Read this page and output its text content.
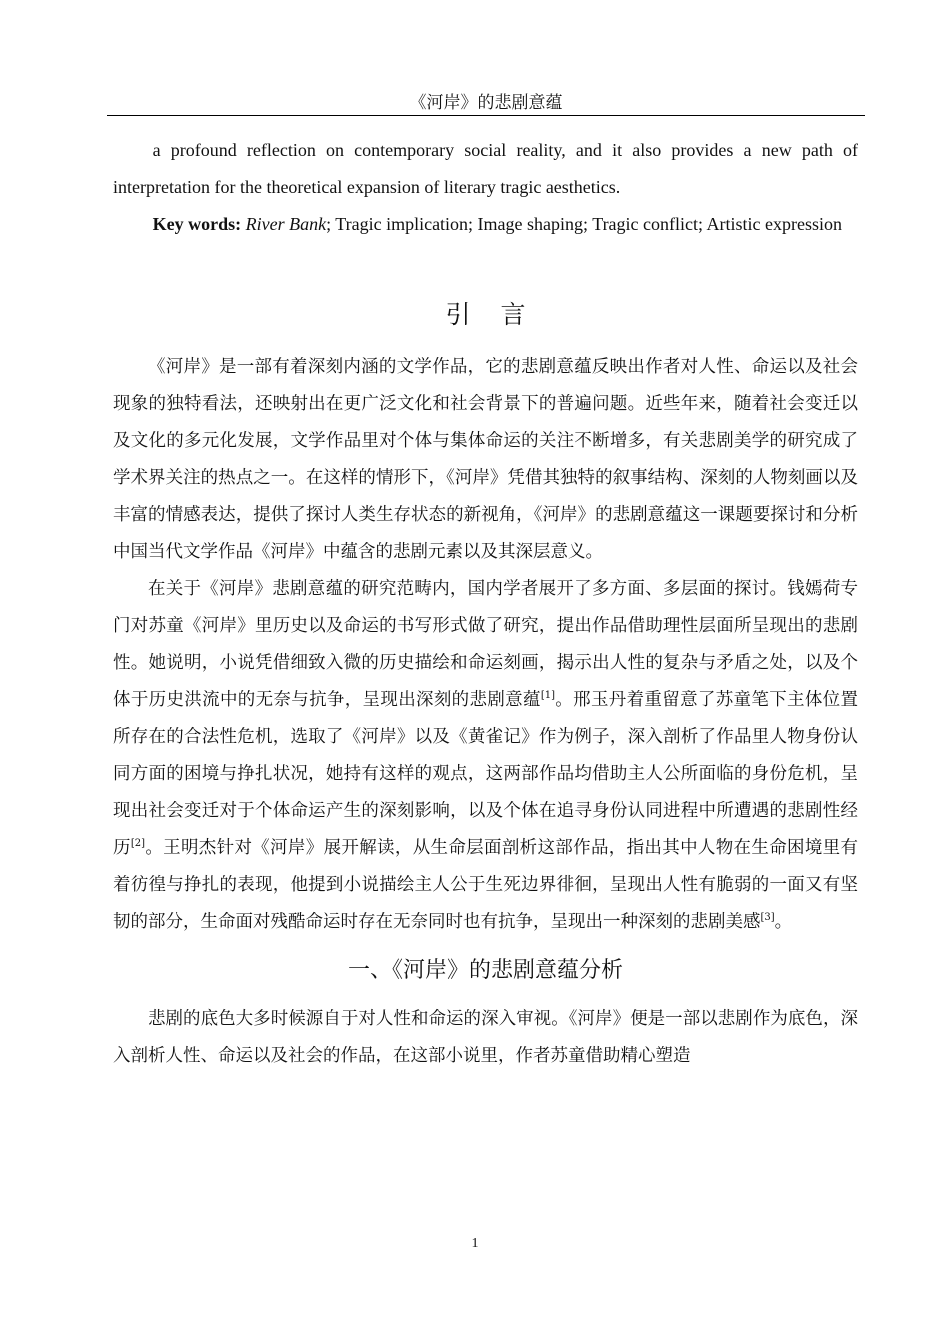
《河岸》的悲剧意蕴

a profound reflection on contemporary social reality, and it also provides a new path of interpretation for the theoretical expansion of literary tragic aesthetics.

Key words: River Bank; Tragic implication; Image shaping; Tragic conflict; Artistic expression

引言

《河岸》是一部有着深刻内涵的文学作品，它的悲剧意蕴反映出作者对人性、命运以及社会现象的独特看法，还映射出在更广泛文化和社会背景下的普遍问题。近些年来，随着社会变迁以及文化的多元化发展，文学作品里对个体与集体命运的关注不断增多，有关悲剧美学的研究成了学术界关注的热点之一。在这样的情形下，《河岸》凭借其独特的叙事结构、深刻的人物刻画以及丰富的情感表达，提供了探讨人类生存状态的新视角，《河岸》的悲剧意蕴这一课题要探讨和分析中国当代文学作品《河岸》中蕴含的悲剧元素以及其深层意义。

在关于《河岸》悲剧意蕴的研究范畴内，国内学者展开了多方面、多层面的探讨。钱嫣荷专门对苏童《河岸》里历史以及命运的书写形式做了研究，提出作品借助理性层面所呈现出的悲剧性。她说明，小说凭借细致入微的历史描绘和命运刻画，揭示出人性的复杂与矛盾之处，以及个体于历史洪流中的无奈与抗争，呈现出深刻的悲剧意蕴[1]。邢玉丹着重留意了苏童笔下主体位置所存在的合法性危机，选取了《河岸》以及《黄雀记》作为例子，深入剖析了作品里人物身份认同方面的困境与挣扎状况，她持有这样的观点，这两部作品均借助主人公所面临的身份危机，呈现出社会变迁对于个体命运产生的深刻影响，以及个体在追寻身份认同进程中所遭遇的悲剧性经历[2]。王明杰针对《河岸》展开解读，从生命层面剖析这部作品，指出其中人物在生命困境里有着彷徨与挣扎的表现，他提到小说描绘主人公于生死边界徘徊，呈现出人性有脆弱的一面又有坚韧的部分，生命面对残酷命运时存在无奈同时也有抗争，呈现出一种深刻的悲剧美感[3]。

一、《河岸》的悲剧意蕴分析

悲剧的底色大多时候源自于对人性和命运的深入审视。《河岸》便是一部以悲剧作为底色，深入剖析人性、命运以及社会的作品，在这部小说里，作者苏童借助精心塑造

1
